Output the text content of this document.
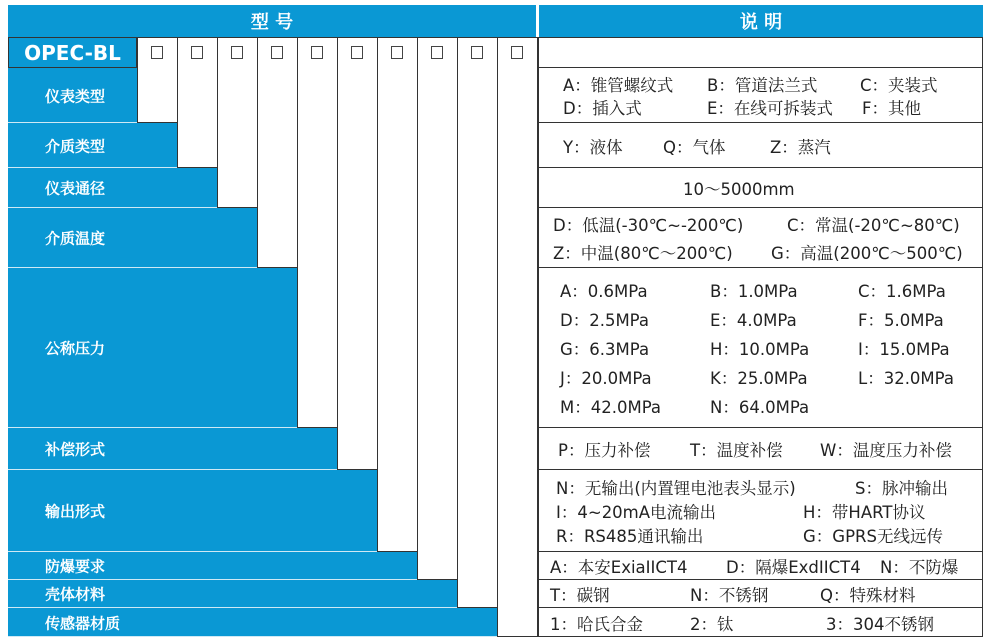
型 号	说 明
OPEC-BL
仪表类型
A：锥管螺纹式 B：管道法兰式	C：夹装式
D：插入式	E：在线可拆装式 F：其他
介质类型	Y：液体 Q：气体	Z：蒸汽
仪表通径	10～5000mm
介质温度
D：低温(-30℃~-200℃)	C：常温(-20℃~80℃)
Z：中温(80℃～200℃) G：高温(200℃～500℃)
公称压力
A：0.6MPa	B：1.0MPa	C：1.6MPa
D：2.5MPa	E：4.0MPa	F：5.0MPa
G：6.3MPa	H：10.0MPa	I：15.0MPa
J：20.0MPa	K：25.0MPa	L：32.0MPa
M：42.0MPa	N：64.0MPa
补偿形式	P：压力补偿 T：温度补偿 W：温度压力补偿
输出形式
N：无输出(内置锂电池表头显示)	S：脉冲输出
I：4~20mA电流输出	H：带HART协议
R：RS485通讯输出	G：GPRS无线远传
防爆要求	A：本安ExiaIICT4 D：隔爆ExdIICT4 N：不防爆
壳体材料	T：碳钢	N：不锈钢	Q：特殊材料
传感器材质	1：哈氏合金	2：钛	3：304不锈钢
